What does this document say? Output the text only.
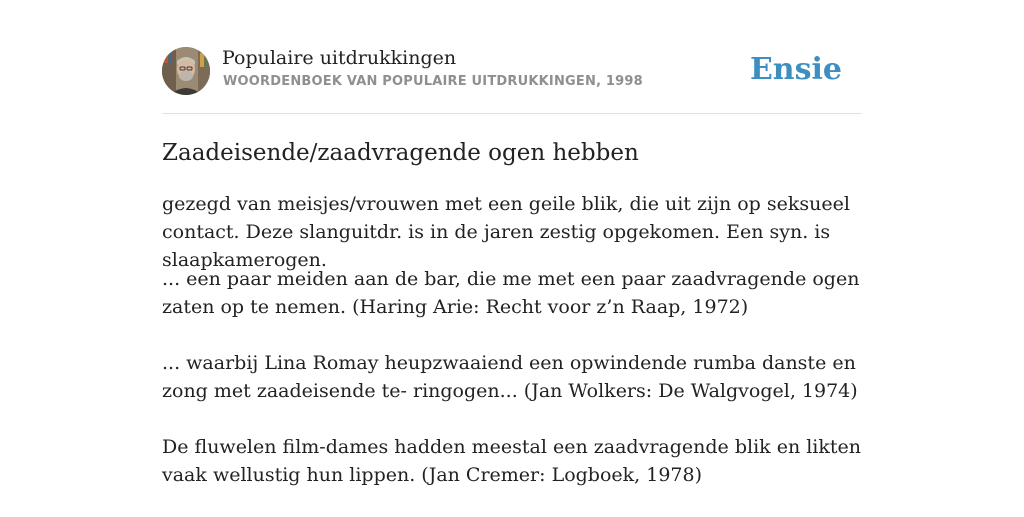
Populaire uitdrukkingen
WOORDENBOEK VAN POPULAIRE UITDRUKKINGEN, 1998	Ensie
Zaadeisende/zaadvragende ogen hebben

gezegd van meisjes/vrouwen met een geile blik, die uit zijn op seksueel contact. Deze slanguitdr. is in de jaren zestig opgekomen. Een syn. is slaapkamerogen.

... een paar meiden aan de bar, die me met een paar zaadvragende ogen zaten op te nemen. (Haring Arie: Recht voor z’n Raap, 1972)

... waarbij Lina Romay heupzwaaiend een opwindende rumba danste en zong met zaadeisende te- ringogen... (Jan Wolkers: De Walgvogel, 1974)

De fluwelen film-dames hadden meestal een zaadvragende blik en likten vaak wellustig hun lippen. (Jan Cremer: Logboek, 1978)
